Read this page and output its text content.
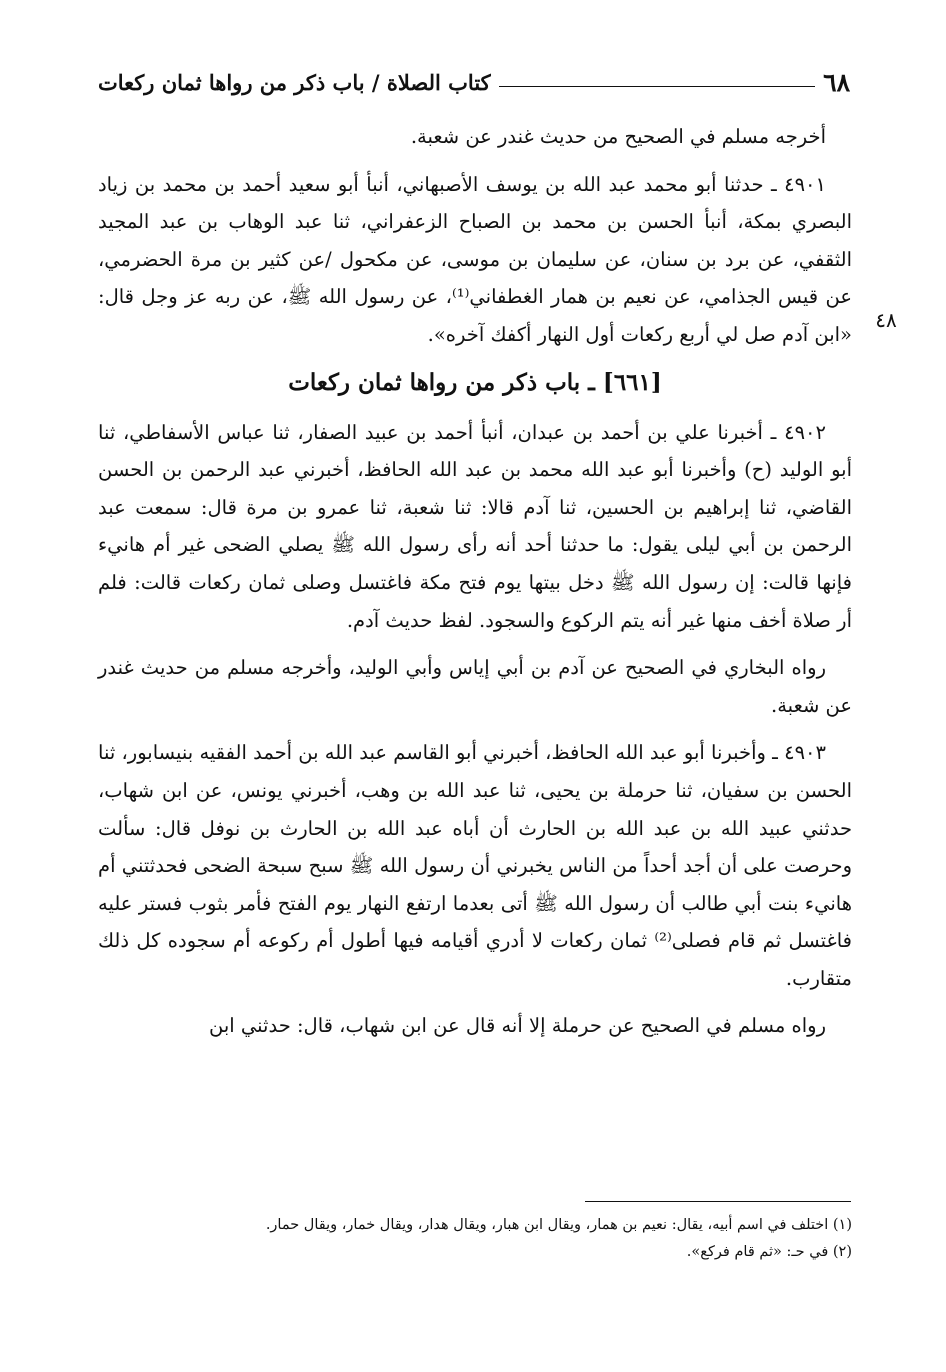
٦٨
كتاب الصلاة / باب ذكر من رواها ثمان ركعات
٤٨

أخرجه مسلم في الصحيح من حديث غندر عن شعبة.

٤٩٠١ ـ حدثنا أبو محمد عبد الله بن يوسف الأصبهاني، أنبأ أبو سعيد أحمد بن محمد بن زياد البصري بمكة، أنبأ الحسن بن محمد بن الصباح الزعفراني، ثنا عبد الوهاب بن عبد المجيد الثقفي، عن برد بن سنان، عن سليمان بن موسى، عن مكحول /عن كثير بن مرة الحضرمي، عن قيس الجذامي، عن نعيم بن همار الغطفاني⁽¹⁾، عن رسول الله ﷺ، عن ربه عز وجل قال: «ابن آدم صل لي أربع ركعات أول النهار أكفك آخره».

[٦٦١] ـ باب ذكر من رواها ثمان ركعات

٤٩٠٢ ـ أخبرنا علي بن أحمد بن عبدان، أنبأ أحمد بن عبيد الصفار، ثنا عباس الأسفاطي، ثنا أبو الوليد (ح) وأخبرنا أبو عبد الله محمد بن عبد الله الحافظ، أخبرني عبد الرحمن بن الحسن القاضي، ثنا إبراهيم بن الحسين، ثنا آدم قالا: ثنا شعبة، ثنا عمرو بن مرة قال: سمعت عبد الرحمن بن أبي ليلى يقول: ما حدثنا أحد أنه رأى رسول الله ﷺ يصلي الضحى غير أم هانيء فإنها قالت: إن رسول الله ﷺ دخل بيتها يوم فتح مكة فاغتسل وصلى ثمان ركعات قالت: فلم أر صلاة أخف منها غير أنه يتم الركوع والسجود. لفظ حديث آدم.

رواه البخاري في الصحيح عن آدم بن أبي إياس وأبي الوليد، وأخرجه مسلم من حديث غندر عن شعبة.

٤٩٠٣ ـ وأخبرنا أبو عبد الله الحافظ، أخبرني أبو القاسم عبد الله بن أحمد الفقيه بنيسابور، ثنا الحسن بن سفيان، ثنا حرملة بن يحيى، ثنا عبد الله بن وهب، أخبرني يونس، عن ابن شهاب، حدثني عبيد الله بن عبد الله بن الحارث أن أباه عبد الله بن الحارث بن نوفل قال: سألت وحرصت على أن أجد أحداً من الناس يخبرني أن رسول الله ﷺ سبح سبحة الضحى فحدثتني أم هانيء بنت أبي طالب أن رسول الله ﷺ أتى بعدما ارتفع النهار يوم الفتح فأمر بثوب فستر عليه فاغتسل ثم قام فصلى⁽²⁾ ثمان ركعات لا أدري أقيامه فيها أطول أم ركوعه أم سجوده كل ذلك متقارب.

رواه مسلم في الصحيح عن حرملة إلا أنه قال عن ابن شهاب، قال: حدثني ابن

(١) اختلف في اسم أبيه، يقال: نعيم بن همار، ويقال ابن هبار، ويقال هدار، ويقال خمار، ويقال حمار.
(٢) في حـ: «ثم قام فركع».
